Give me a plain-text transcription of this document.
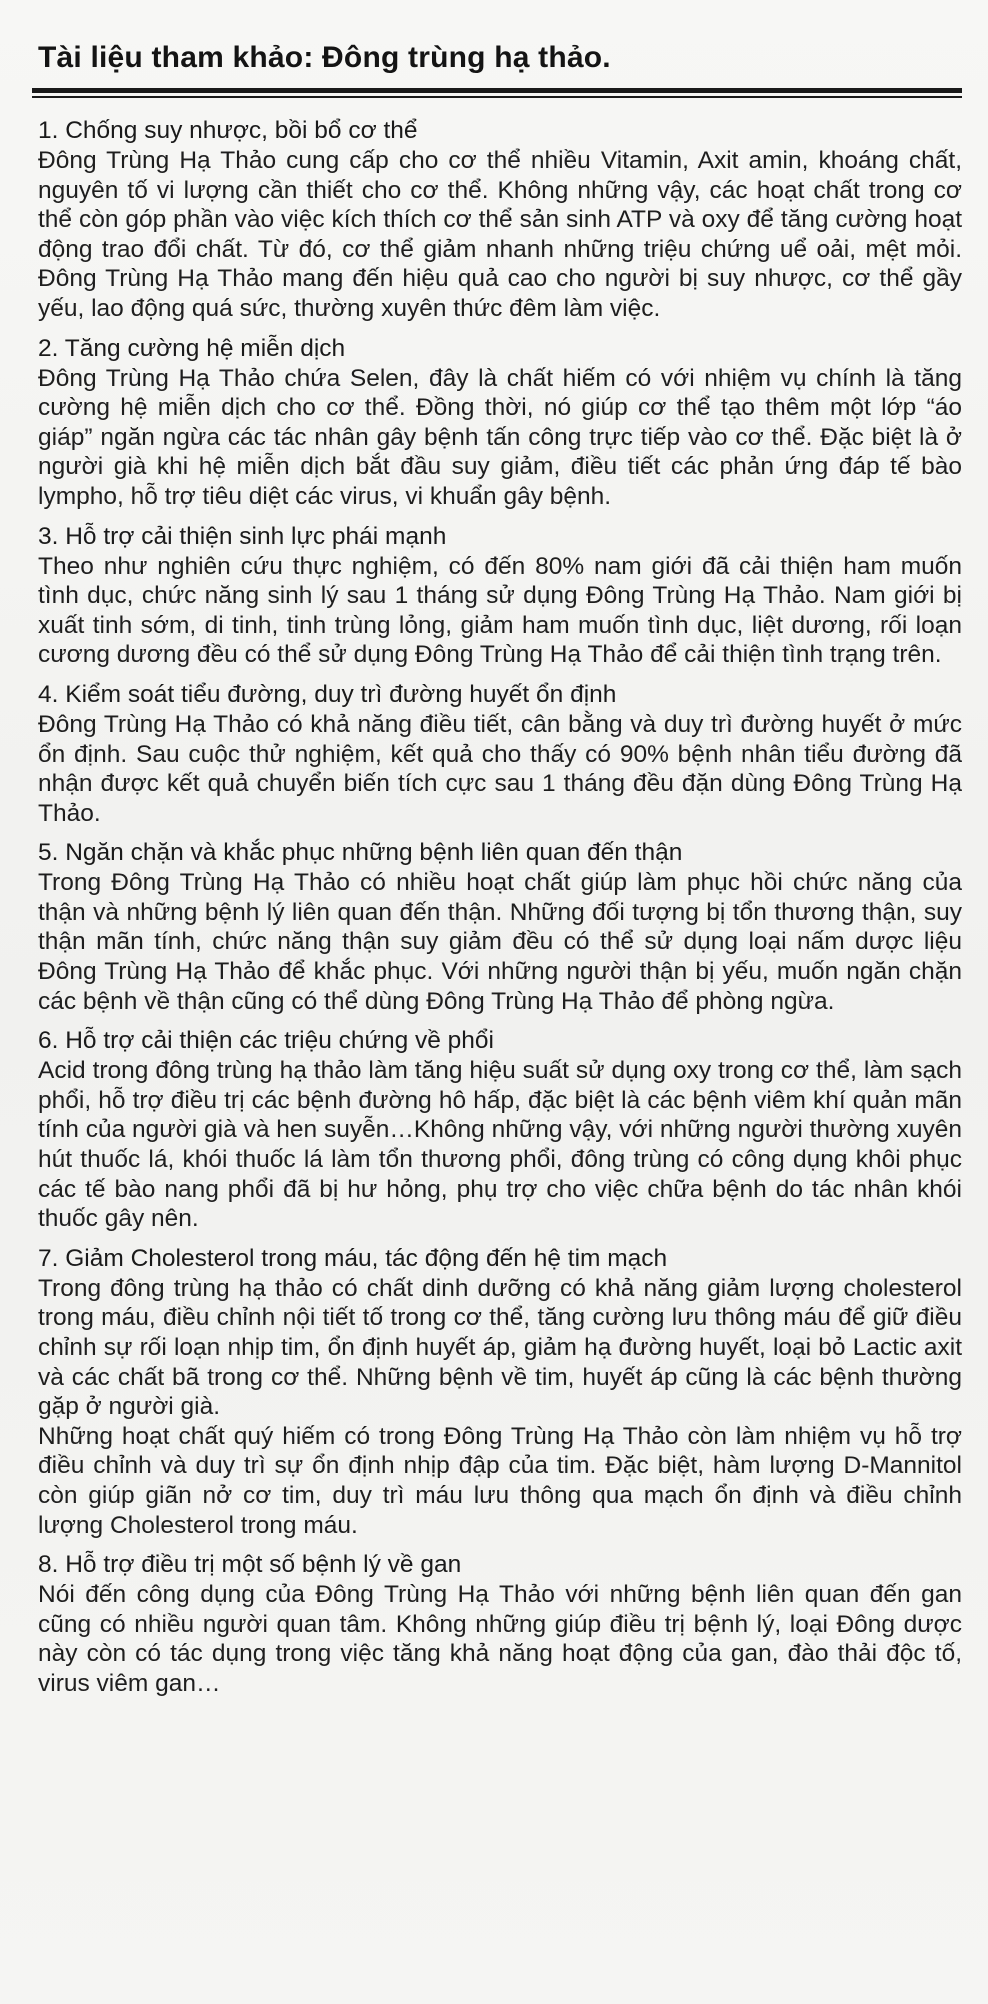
Tài liệu tham khảo: Đông trùng hạ thảo.

1. Chống suy nhược, bồi bổ cơ thể

Đông Trùng Hạ Thảo cung cấp cho cơ thể nhiều Vitamin, Axit amin, khoáng chất, nguyên tố vi lượng cần thiết cho cơ thể. Không những vậy, các hoạt chất trong cơ thể còn góp phần vào việc kích thích cơ thể sản sinh ATP và oxy để tăng cường hoạt động trao đổi chất. Từ đó, cơ thể giảm nhanh những triệu chứng uể oải, mệt mỏi. Đông Trùng Hạ Thảo mang đến hiệu quả cao cho người bị suy nhược, cơ thể gầy yếu, lao động quá sức, thường xuyên thức đêm làm việc.

2. Tăng cường hệ miễn dịch

Đông Trùng Hạ Thảo chứa Selen, đây là chất hiếm có với nhiệm vụ chính là tăng cường hệ miễn dịch cho cơ thể. Đồng thời, nó giúp cơ thể tạo thêm một lớp “áo giáp” ngăn ngừa các tác nhân gây bệnh tấn công trực tiếp vào cơ thể. Đặc biệt là ở người già khi hệ miễn dịch bắt đầu suy giảm, điều tiết các phản ứng đáp tế bào lympho, hỗ trợ tiêu diệt các virus, vi khuẩn gây bệnh.

3. Hỗ trợ cải thiện sinh lực phái mạnh

Theo như nghiên cứu thực nghiệm, có đến 80% nam giới đã cải thiện ham muốn tình dục, chức năng sinh lý sau 1 tháng sử dụng Đông Trùng Hạ Thảo. Nam giới bị xuất tinh sớm, di tinh, tinh trùng lỏng, giảm ham muốn tình dục, liệt dương, rối loạn cương dương đều có thể sử dụng Đông Trùng Hạ Thảo để cải thiện tình trạng trên.

4. Kiểm soát tiểu đường, duy trì đường huyết ổn định

Đông Trùng Hạ Thảo có khả năng điều tiết, cân bằng và duy trì đường huyết ở mức ổn định. Sau cuộc thử nghiệm, kết quả cho thấy có 90% bệnh nhân tiểu đường đã nhận được kết quả chuyển biến tích cực sau 1 tháng đều đặn dùng Đông Trùng Hạ Thảo.

5. Ngăn chặn và khắc phục những bệnh liên quan đến thận

Trong Đông Trùng Hạ Thảo có nhiều hoạt chất giúp làm phục hồi chức năng của thận và những bệnh lý liên quan đến thận. Những đối tượng bị tổn thương thận, suy thận mãn tính, chức năng thận suy giảm đều có thể sử dụng loại nấm dược liệu Đông Trùng Hạ Thảo để khắc phục. Với những người thận bị yếu, muốn ngăn chặn các bệnh về thận cũng có thể dùng Đông Trùng Hạ Thảo để phòng ngừa.

6. Hỗ trợ cải thiện các triệu chứng về phổi

Acid trong đông trùng hạ thảo làm tăng hiệu suất sử dụng oxy trong cơ thể, làm sạch phổi, hỗ trợ điều trị các bệnh đường hô hấp, đặc biệt là các bệnh viêm khí quản mãn tính của người già và hen suyễn…Không những vậy, với những người thường xuyên hút thuốc lá, khói thuốc lá làm tổn thương phổi, đông trùng có công dụng khôi phục các tế bào nang phổi đã bị hư hỏng, phụ trợ cho việc chữa bệnh do tác nhân khói thuốc gây nên.

7. Giảm Cholesterol trong máu, tác động đến hệ tim mạch

Trong đông trùng hạ thảo có chất dinh dưỡng có khả năng giảm lượng cholesterol trong máu, điều chỉnh nội tiết tố trong cơ thể, tăng cường lưu thông máu để giữ điều chỉnh sự rối loạn nhịp tim, ổn định huyết áp, giảm hạ đường huyết, loại bỏ Lactic axit và các chất bã trong cơ thể. Những bệnh về tim, huyết áp cũng là các bệnh thường gặp ở người già.

Những hoạt chất quý hiếm có trong Đông Trùng Hạ Thảo còn làm nhiệm vụ hỗ trợ điều chỉnh và duy trì sự ổn định nhịp đập của tim. Đặc biệt, hàm lượng D-Mannitol còn giúp giãn nở cơ tim, duy trì máu lưu thông qua mạch ổn định và điều chỉnh lượng Cholesterol trong máu.

8. Hỗ trợ điều trị một số bệnh lý về gan

Nói đến công dụng của Đông Trùng Hạ Thảo với những bệnh liên quan đến gan cũng có nhiều người quan tâm. Không những giúp điều trị bệnh lý, loại Đông dược này còn có tác dụng trong việc tăng khả năng hoạt động của gan, đào thải độc tố, virus viêm gan…
